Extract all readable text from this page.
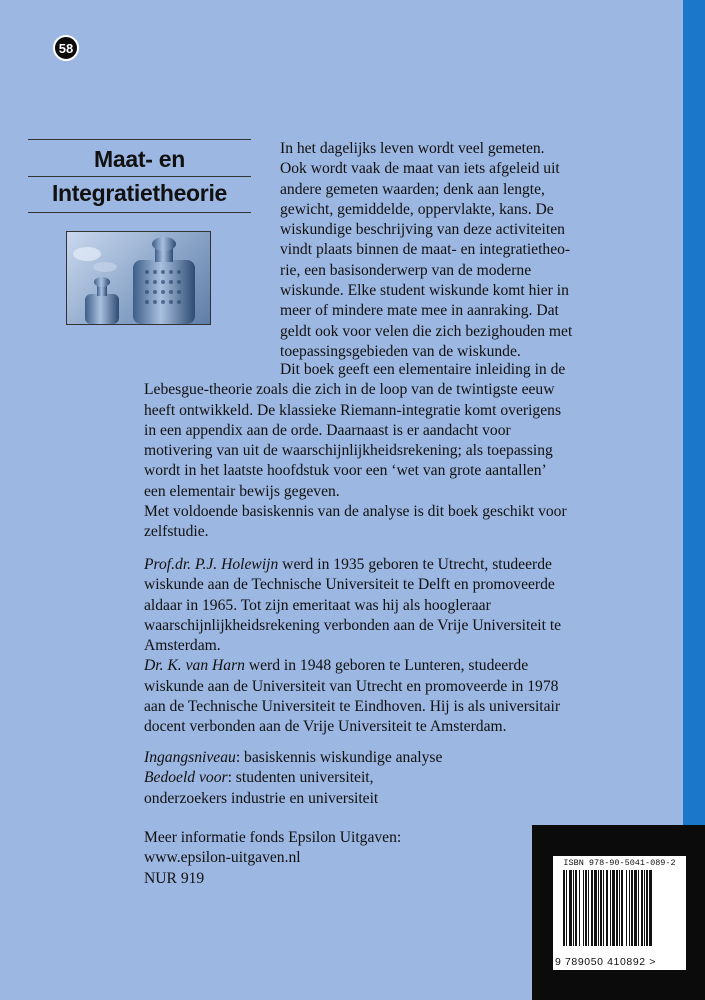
58
Maat- en
Integratietheorie

In het dagelijks leven wordt veel gemeten.
Ook wordt vaak de maat van iets afgeleid uit
andere gemeten waarden; denk aan lengte,
gewicht, gemiddelde, oppervlakte, kans. De
wiskundige beschrijving van deze activiteiten
vindt plaats binnen de maat- en integratietheo-
rie, een basisonderwerp van de moderne
wiskunde. Elke student wiskunde komt hier in
meer of mindere mate mee in aanraking. Dat
geldt ook voor velen die zich bezighouden met
toepassingsgebieden van de wiskunde.

Dit boek geeft een elementaire inleiding in de
Lebesgue-theorie zoals die zich in de loop van de twintigste eeuw
heeft ontwikkeld. De klassieke Riemann-integratie komt overigens
in een appendix aan de orde. Daarnaast is er aandacht voor
motivering van uit de waarschijnlijkheidsrekening; als toepassing
wordt in het laatste hoofdstuk voor een ‘wet van grote aantallen’
een elementair bewijs gegeven.
Met voldoende basiskennis van de analyse is dit boek geschikt voor
zelfstudie.

Prof.dr. P.J. Holewijn werd in 1935 geboren te Utrecht, studeerde
wiskunde aan de Technische Universiteit te Delft en promoveerde
aldaar in 1965. Tot zijn emeritaat was hij als hoogleraar
waarschijnlijkheidsrekening verbonden aan de Vrije Universiteit te
Amsterdam.
Dr. K. van Harn werd in 1948 geboren te Lunteren, studeerde
wiskunde aan de Universiteit van Utrecht en promoveerde in 1978
aan de Technische Universiteit te Eindhoven. Hij is als universitair
docent verbonden aan de Vrije Universiteit te Amsterdam.

Ingangsniveau: basiskennis wiskundige analyse
Bedoeld voor: studenten universiteit,
onderzoekers industrie en universiteit

Meer informatie fonds Epsilon Uitgaven:
www.epsilon-uitgaven.nl
NUR 919

ISBN 978-90-5041-089-2
9 789050 410892 >
